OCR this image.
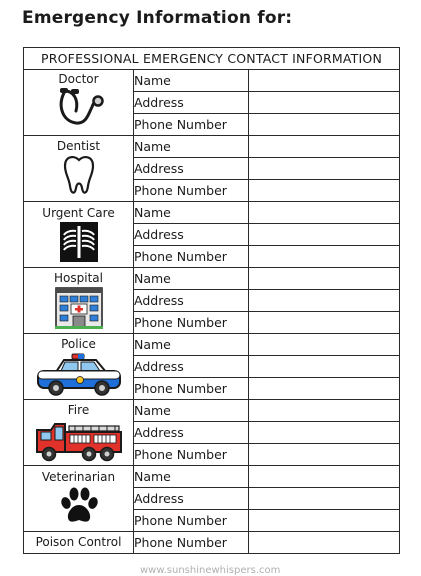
Emergency Information for:
PROFESSIONAL EMERGENCY CONTACT INFORMATION		

Doctor	Name	
	Address	
	Phone Number	

Dentist	Name	
	Address	
	Phone Number	

Urgent Care	Name	
	Address	
	Phone Number	

Hospital	Name	
	Address	
	Phone Number	

Police	Name	
	Address	
	Phone Number	

Fire	Name	
	Address	
	Phone Number	

Veterinarian	Name	
	Address	
	Phone Number	

Poison Control	Phone Number	
www.sunshinewhispers.com
